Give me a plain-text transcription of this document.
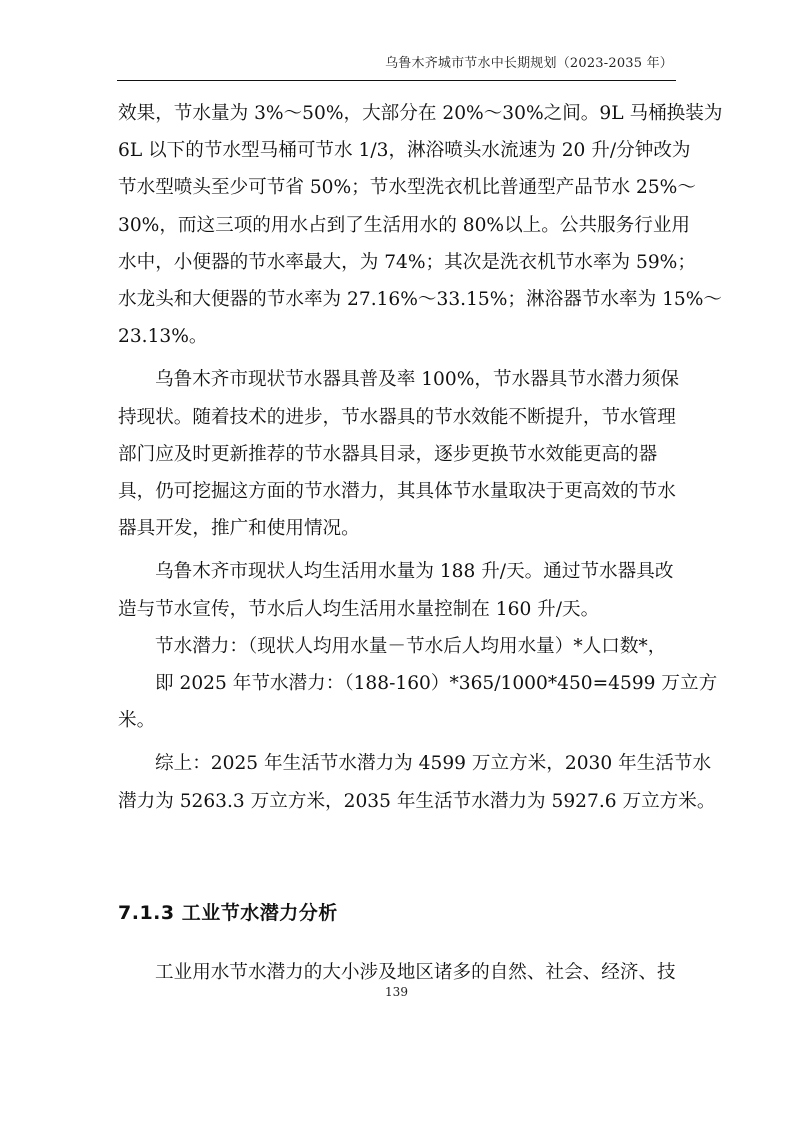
乌鲁木齐城市节水中长期规划（2023-2035 年）

效果，节水量为 3%～50%，大部分在 20%～30%之间。9L 马桶换装为
6L 以下的节水型马桶可节水 1/3，淋浴喷头水流速为 20 升/分钟改为
节水型喷头至少可节省 50%；节水型洗衣机比普通型产品节水 25%～
30%，而这三项的用水占到了生活用水的 80%以上。公共服务行业用
水中，小便器的节水率最大，为 74%；其次是洗衣机节水率为 59%；
水龙头和大便器的节水率为 27.16%～33.15%；淋浴器节水率为 15%～
23.13%。

乌鲁木齐市现状节水器具普及率 100%，节水器具节水潜力须保
持现状。随着技术的进步，节水器具的节水效能不断提升，节水管理
部门应及时更新推荐的节水器具目录，逐步更换节水效能更高的器
具，仍可挖掘这方面的节水潜力，其具体节水量取决于更高效的节水
器具开发，推广和使用情况。

乌鲁木齐市现状人均生活用水量为 188 升/天。通过节水器具改
造与节水宣传，节水后人均生活用水量控制在 160 升/天。

节水潜力：（现状人均用水量－节水后人均用水量）*人口数*，

即 2025 年节水潜力：（188-160）*365/1000*450=4599 万立方
米。

综上：2025 年生活节水潜力为 4599 万立方米，2030 年生活节水
潜力为 5263.3 万立方米，2035 年生活节水潜力为 5927.6 万立方米。

7.1.3 工业节水潜力分析
工业用水节水潜力的大小涉及地区诸多的自然、社会、经济、技
139
